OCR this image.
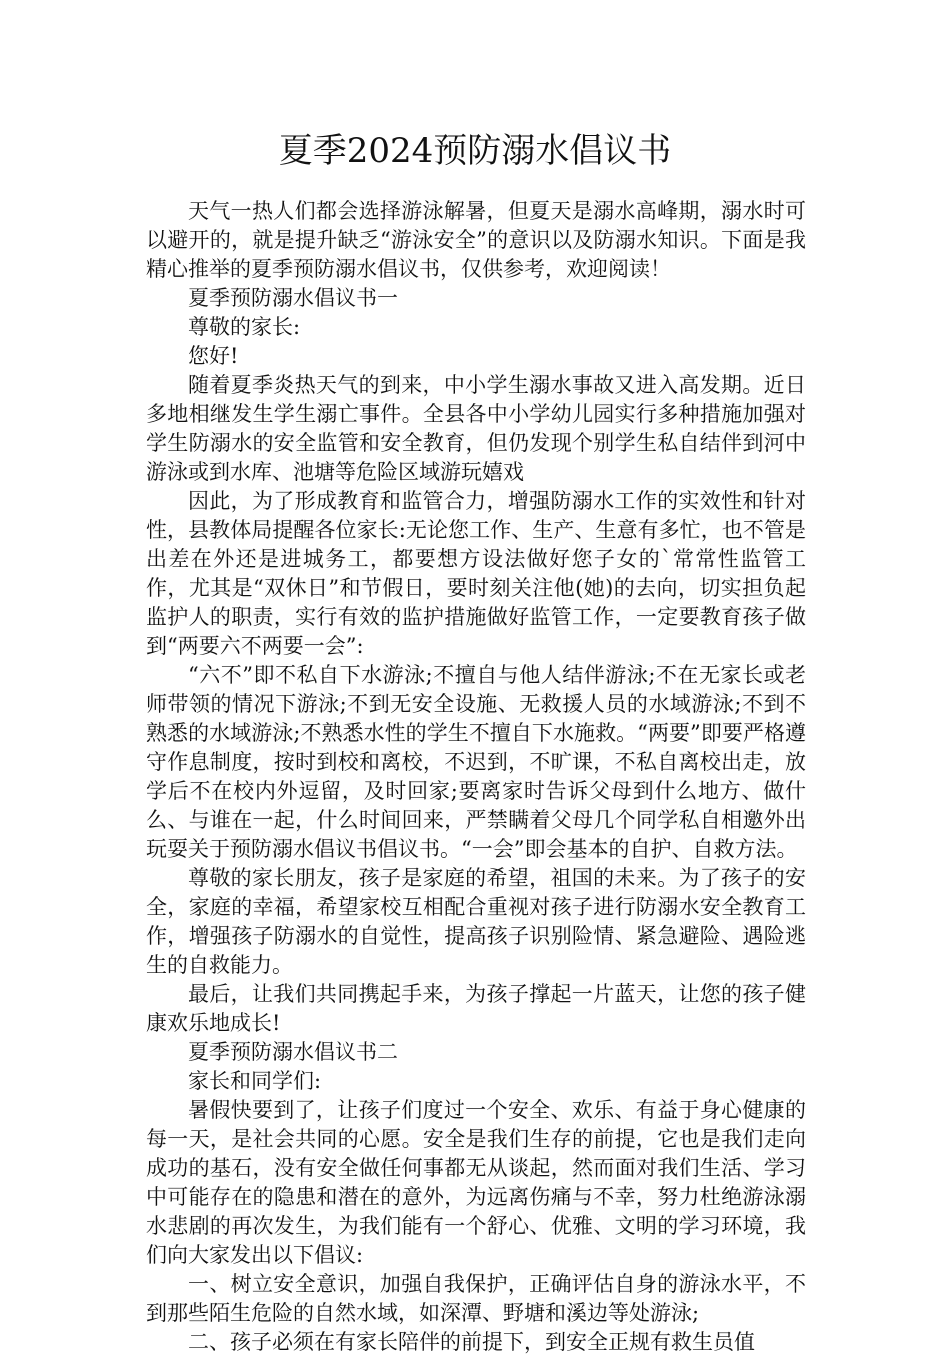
夏季2024预防溺水倡议书

天气一热人们都会选择游泳解暑，但夏天是溺水高峰期，溺水时可以避开的，就是提升缺乏“游泳安全”的意识以及防溺水知识。下面是我精心推举的夏季预防溺水倡议书，仅供参考，欢迎阅读！

夏季预防溺水倡议书一

尊敬的家长:

您好!

随着夏季炎热天气的到来，中小学生溺水事故又进入高发期。近日多地相继发生学生溺亡事件。全县各中小学幼儿园实行多种措施加强对学生防溺水的安全监管和安全教育，但仍发现个别学生私自结伴到河中游泳或到水库、池塘等危险区域游玩嬉戏

因此，为了形成教育和监管合力，增强防溺水工作的实效性和针对性，县教体局提醒各位家长:无论您工作、生产、生意有多忙，也不管是出差在外还是进城务工，都要想方设法做好您子女的`常常性监管工作，尤其是“双休日”和节假日，要时刻关注他(她)的去向，切实担负起监护人的职责，实行有效的监护措施做好监管工作，一定要教育孩子做到“两要六不两要一会”:

“六不”即不私自下水游泳;不擅自与他人结伴游泳;不在无家长或老师带领的情况下游泳;不到无安全设施、无救援人员的水域游泳;不到不熟悉的水域游泳;不熟悉水性的学生不擅自下水施救。“两要”即要严格遵守作息制度，按时到校和离校，不迟到，不旷课，不私自离校出走，放学后不在校内外逗留，及时回家;要离家时告诉父母到什么地方、做什么、与谁在一起，什么时间回来，严禁瞒着父母几个同学私自相邀外出玩耍关于预防溺水倡议书倡议书。“一会”即会基本的自护、自救方法。

尊敬的家长朋友，孩子是家庭的希望，祖国的未来。为了孩子的安全，家庭的幸福，希望家校互相配合重视对孩子进行防溺水安全教育工作，增强孩子防溺水的自觉性，提高孩子识别险情、紧急避险、遇险逃生的自救能力。

最后，让我们共同携起手来，为孩子撑起一片蓝天，让您的孩子健康欢乐地成长!

夏季预防溺水倡议书二

家长和同学们:

暑假快要到了，让孩子们度过一个安全、欢乐、有益于身心健康的每一天，是社会共同的心愿。安全是我们生存的前提，它也是我们走向成功的基石，没有安全做任何事都无从谈起，然而面对我们生活、学习中可能存在的隐患和潜在的意外，为远离伤痛与不幸，努力杜绝游泳溺水悲剧的再次发生，为我们能有一个舒心、优雅、文明的学习环境，我们向大家发出以下倡议:

一、树立安全意识，加强自我保护，正确评估自身的游泳水平，不到那些陌生危险的自然水域，如深潭、野塘和溪边等处游泳;

二、孩子必须在有家长陪伴的前提下，到安全正规有救生员值
